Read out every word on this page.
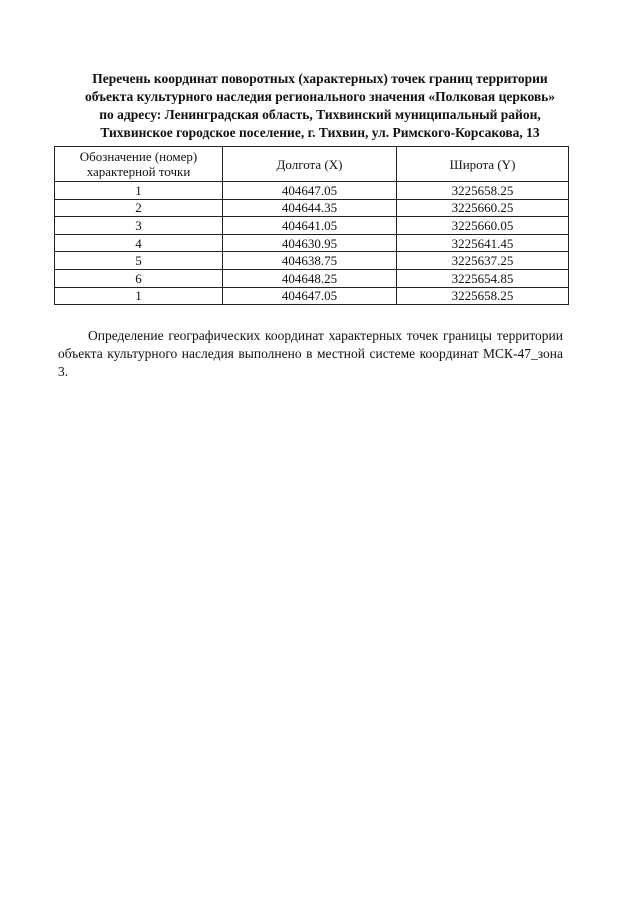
Перечень координат поворотных (характерных) точек границ территории
объекта культурного наследия регионального значения «Полковая церковь»
по адресу: Ленинградская область, Тихвинский муниципальный район,
Тихвинское городское поселение, г. Тихвин, ул. Римского-Корсакова, 13
Обозначение (номер)
характерной точки	Долгота (X)	Широта (Y)
1	404647.05	3225658.25
2	404644.35	3225660.25
3	404641.05	3225660.05
4	404630.95	3225641.45
5	404638.75	3225637.25
6	404648.25	3225654.85
1	404647.05	3225658.25

Определение географических координат характерных точек границы территории объекта культурного наследия выполнено в местной системе координат МСК-47_зона 3.
